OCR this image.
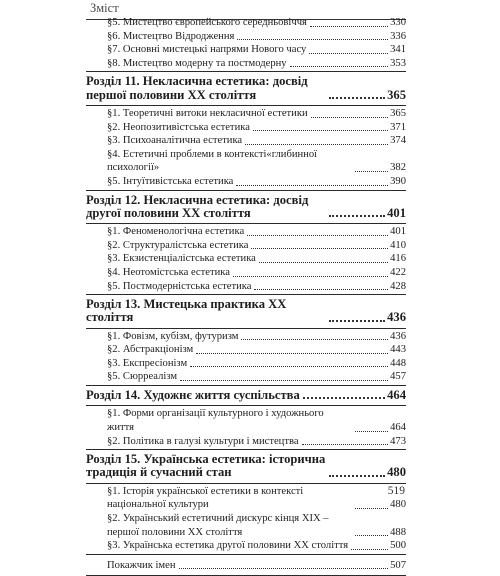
Зміст
§5. Мистецтво європейського середньовіччя	330
§6. Мистецтво Відродження	336
§7. Основні мистецькі напрями Нового часу	341
§8. Мистецтво модерну та постмодерну	353
Розділ 11. Некласична естетика: досвід першої половини XX століття	365
§1. Теоретичні витоки некласичної естетики	365
§2. Неопозитивістська естетика	371
§3. Психоаналітична естетика	374
§4. Естетичні проблеми в контексті«глибинної психології»	382
§5. Інтуїтивістська естетика	390
Розділ 12. Некласична естетика: досвід другої половини XX століття	401
§1. Феноменологічна естетика	401
§2. Структуралістська естетика	410
§3. Екзистенціалістська естетика	416
§4. Неотомістська естетика	422
§5. Постмодерністська естетика	428
Розділ 13. Мистецька практика XX століття	436
§1. Фовізм, кубізм, футуризм	436
§2. Абстракціонізм	443
§3. Експресіонізм	448
§5. Сюрреалізм	457
Розділ 14. Художнє життя суспільства	464
§1. Форми організації культурного і художнього життя	464
§2. Політика в галузі культури і мистецтва	473
Розділ 15. Українська естетика: історична традиція й сучасний стан	480
§1. Історія української естетики в контексті національної культури	480
§2. Український естетичний дискурс кінця XIX – першої половини XX століття	488
§3. Українська естетика другої половини XX століття	500
Покажчик імен	507
519
